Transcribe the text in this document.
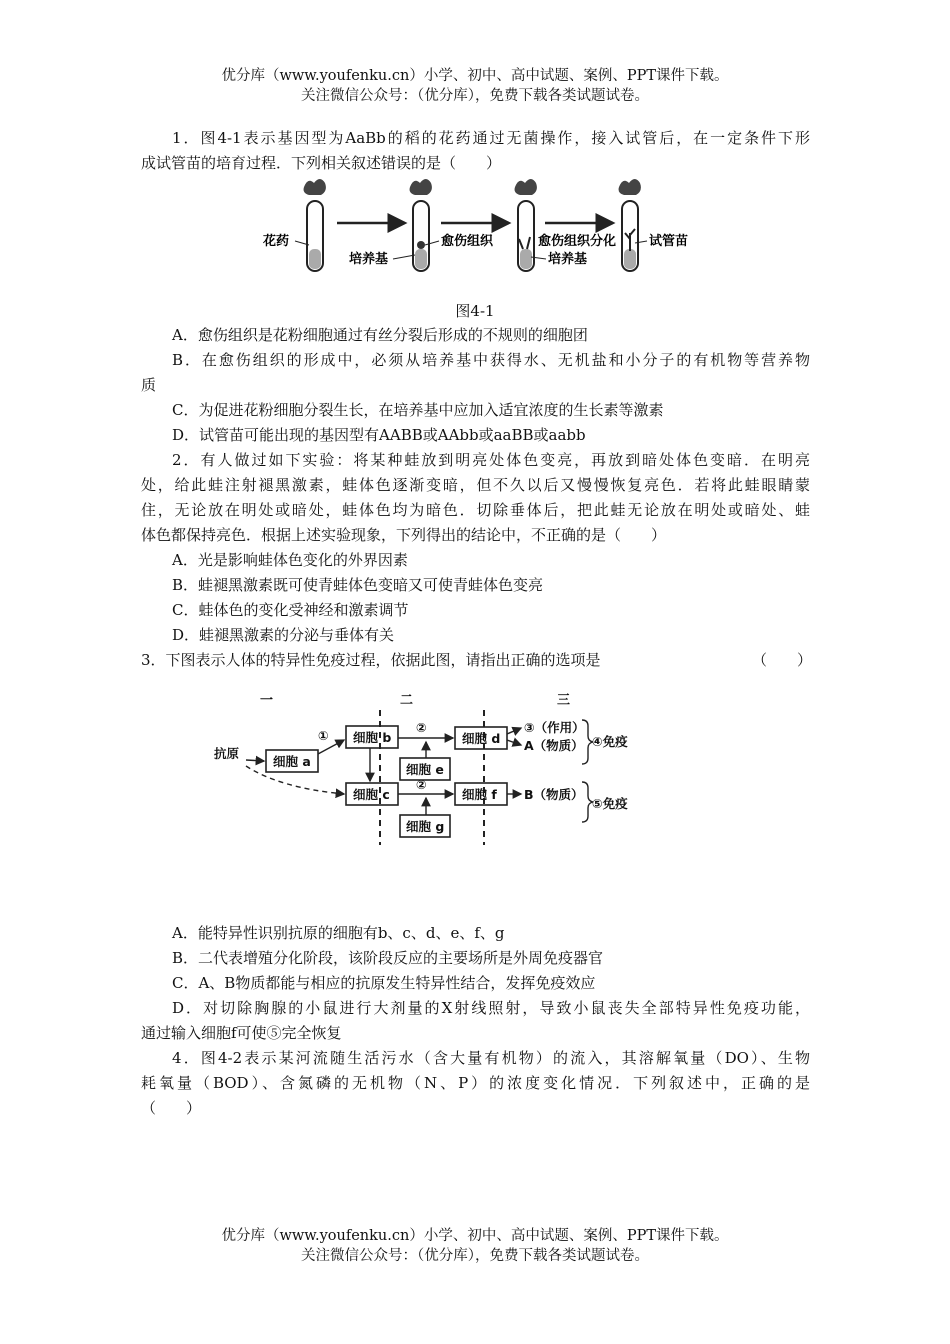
优分库（www.youfenku.cn）小学、初中、高中试题、案例、PPT课件下载。
关注微信公众号：（优分库），免费下载各类试题试卷。
1．图4-1表示基因型为AaBb的稻的花药通过无菌操作，接入试管后，在一定条件下形
成试管苗的培育过程．下列相关叙述错误的是（　　）
花药
培养基
愈伤组织	愈伤组织分化
培养基
试管苗
图4-1
A．愈伤组织是花粉细胞通过有丝分裂后形成的不规则的细胞团
B．在愈伤组织的形成中，必须从培养基中获得水、无机盐和小分子的有机物等营养物
质
C．为促进花粉细胞分裂生长，在培养基中应加入适宜浓度的生长素等激素
D．试管苗可能出现的基因型有AABB或AAbb或aaBB或aabb
2．有人做过如下实验：将某种蛙放到明亮处体色变亮，再放到暗处体色变暗．在明亮
处，给此蛙注射褪黑激素，蛙体色逐渐变暗，但不久以后又慢慢恢复亮色．若将此蛙眼睛蒙
住，无论放在明处或暗处，蛙体色均为暗色．切除垂体后，把此蛙无论放在明处或暗处、蛙
体色都保持亮色．根据上述实验现象，下列得出的结论中，不正确的是（　　）
A．光是影响蛙体色变化的外界因素
B．蛙褪黑激素既可使青蛙体色变暗又可使青蛙体色变亮
C．蛙体色的变化受神经和激素调节
D．蛙褪黑激素的分泌与垂体有关
3．下图表示人体的特异性免疫过程，依据此图，请指出正确的选项是	（　　）
一	二	三
抗原
细胞 a
细胞 b
细胞 e
细胞 d
细胞 c	细胞 f
细胞 g
①
②
②
③（作用）
A（物质） ④免疫
B（物质）
⑤免疫
A．能特异性识别抗原的细胞有b、c、d、e、f、g
B．二代表增殖分化阶段，该阶段反应的主要场所是外周免疫器官
C．A、B物质都能与相应的抗原发生特异性结合，发挥免疫效应
D．对切除胸腺的小鼠进行大剂量的X射线照射，导致小鼠丧失全部特异性免疫功能，
通过输入细胞f可使⑤完全恢复
4．图4-2表示某河流随生活污水（含大量有机物）的流入，其溶解氧量（DO）、生物
耗氧量（BOD）、含氮磷的无机物（N、P）的浓度变化情况．下列叙述中，正确的是
（　　）
优分库（www.youfenku.cn）小学、初中、高中试题、案例、PPT课件下载。
关注微信公众号：（优分库），免费下载各类试题试卷。
